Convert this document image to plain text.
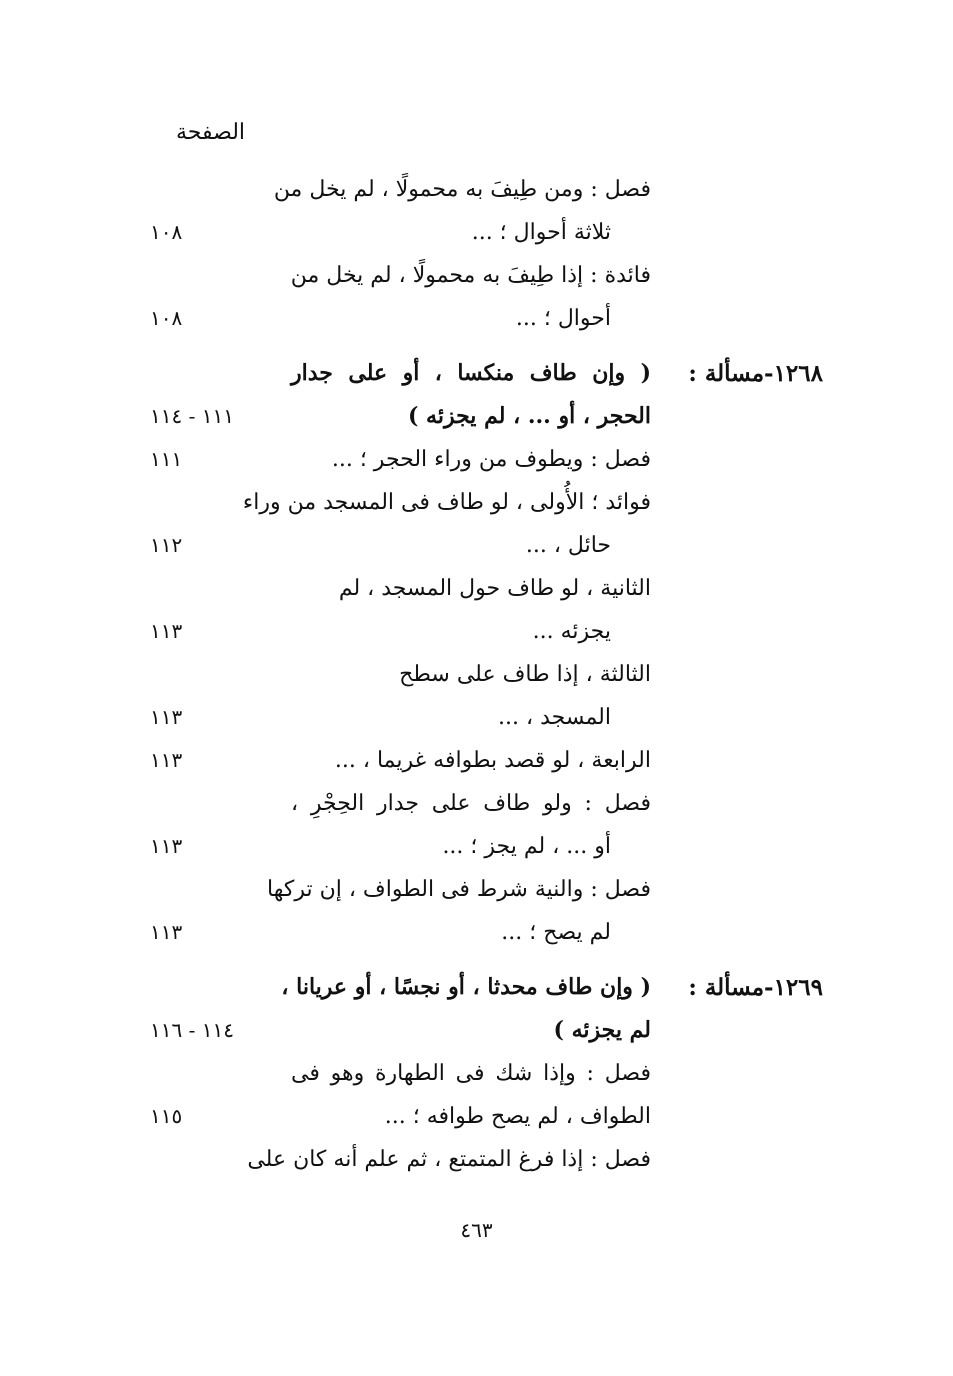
الصفحة
فصل : ومن طِيفَ به محمولًا ، لم يخل من
ثلاثة أحوال ؛ ...
١٠٨
فائدة : إذا طِيفَ به محمولًا ، لم يخل من
أحوال ؛ ...
١٠٨
١٢٦٨-مسألة :
( وإن طاف منكسا ، أو على جدار
الحجر ، أو ... ، لم يجزئه )
١١١ - ١١٤
فصل : ويطوف من وراء الحجر ؛ ...
١١١
فوائد ؛ الأُولى ، لو طاف فى المسجد من وراء
حائل ، ...
١١٢
الثانية ، لو طاف حول المسجد ، لم
يجزئه ...
١١٣
الثالثة ، إذا طاف على سطح
المسجد ، ...
١١٣
الرابعة ، لو قصد بطوافه غريما ، ...
١١٣
فصل : ولو طاف على جدار الحِجْرِ ،
أو ... ، لم يجز ؛ ...
١١٣
فصل : والنية شرط فى الطواف ، إن تركها
لم يصح ؛ ...
١١٣
١٢٦٩-مسألة :
( وإن طاف محدثا ، أو نجسًا ، أو عريانا ،
لم يجزئه )
١١٤ - ١١٦
فصل : وإذا شك فى الطهارة وهو فى
الطواف ، لم يصح طوافه ؛ ...
١١٥
فصل : إذا فرغ المتمتع ، ثم علم أنه كان على
٤٦٣
